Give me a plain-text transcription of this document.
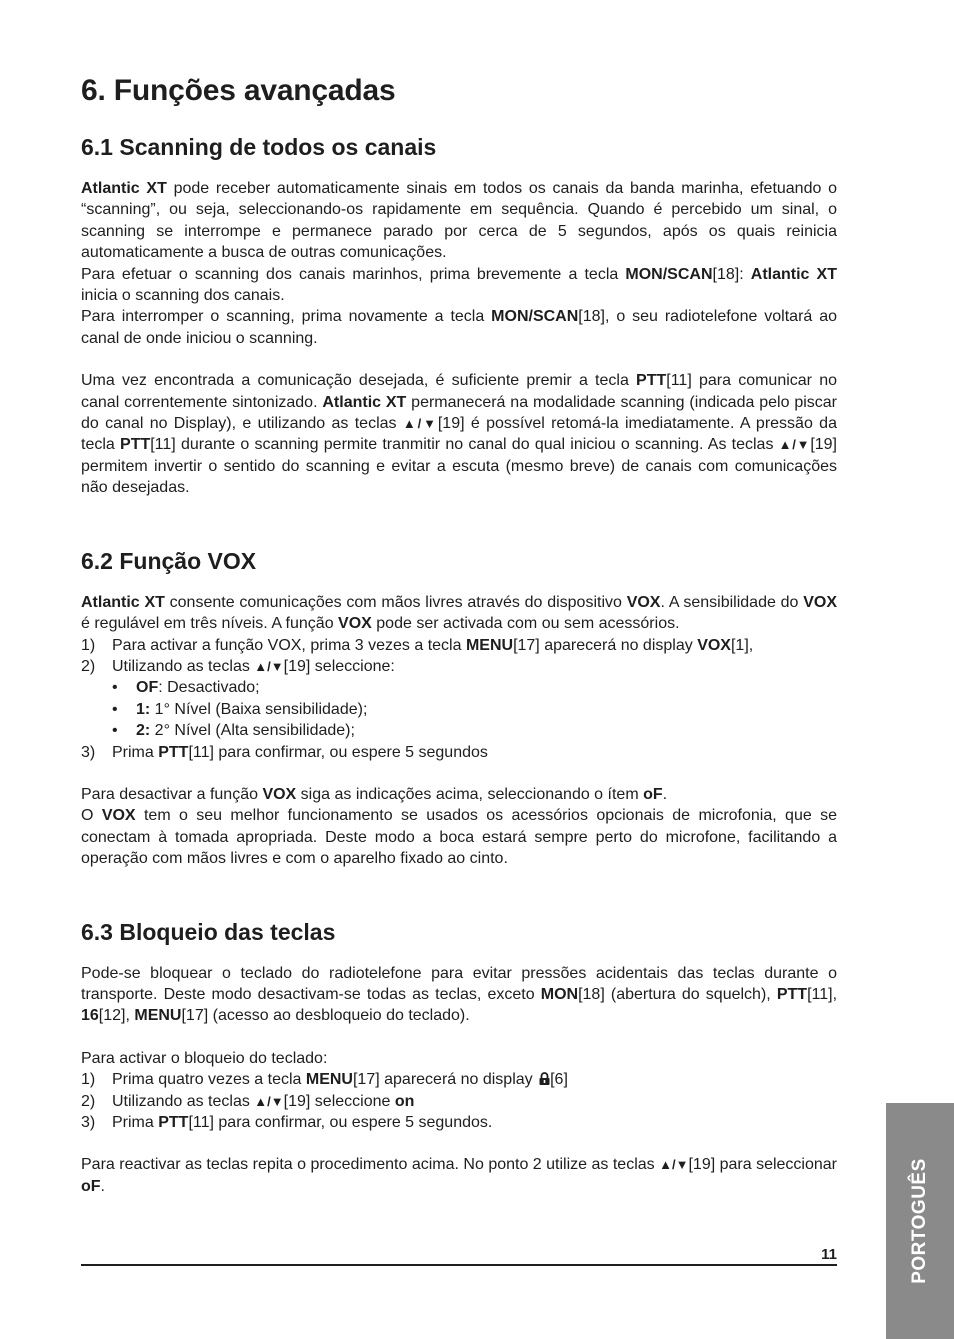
6. Funções avançadas
6.1 Scanning de todos os canais

Atlantic XT pode receber automaticamente sinais em todos os canais da banda marinha, efetuando o “scanning”, ou seja, seleccionando-os rapidamente em sequência. Quando é percebido um sinal, o scanning se interrompe e permanece parado por cerca de 5 segundos, após os quais reinicia automaticamente a busca de outras comunicações.

Para efetuar o scanning dos canais marinhos, prima brevemente a tecla MON/SCAN[18]: Atlantic XT inicia o scanning dos canais.

Para interromper o scanning, prima novamente a tecla MON/SCAN[18], o seu radiotelefone voltará ao canal de onde iniciou o scanning.

Uma vez encontrada a comunicação desejada, é suficiente premir a tecla PTT[11] para comunicar no canal correntemente sintonizado. Atlantic XT permanecerá na modalidade scanning (indicada pelo piscar do canal no Display), e utilizando as teclas ▲/▼[19] é possível retomá-la imediatamente. A pressão da tecla PTT[11] durante o scanning permite tranmitir no canal do qual iniciou o scanning. As teclas ▲/▼[19] permitem invertir o sentido do scanning e evitar a escuta (mesmo breve) de canais com comunicações não desejadas.

6.2 Função VOX

Atlantic XT consente comunicações com mãos livres através do dispositivo VOX. A sensibilidade do VOX é regulável em três níveis. A função VOX pode ser activada com ou sem acessórios.

1) Para activar a função VOX, prima 3 vezes a tecla MENU[17] aparecerá no display VOX[1],
2) Utilizando as teclas ▲/▼[19] seleccione:
• OF: Desactivado;
• 1: 1° Nível (Baixa sensibilidade);
• 2: 2° Nível (Alta sensibilidade);
3) Prima PTT[11] para confirmar, ou espere 5 segundos

Para desactivar a função VOX siga as indicações acima, seleccionando o ítem oF.

O VOX tem o seu melhor funcionamento se usados os acessórios opcionais de microfonia, que se conectam à tomada apropriada. Deste modo a boca estará sempre perto do microfone, facilitando a operação com mãos livres e com o aparelho fixado ao cinto.

6.3 Bloqueio das teclas

Pode-se bloquear o teclado do radiotelefone para evitar pressões acidentais das teclas durante o transporte. Deste modo desactivam-se todas as teclas, exceto MON[18] (abertura do squelch), PTT[11], 16[12], MENU[17] (acesso ao desbloqueio do teclado).

Para activar o bloqueio do teclado:

1) Prima quatro vezes a tecla MENU[17] aparecerá no display [6]
2) Utilizando as teclas ▲/▼[19] seleccione on
3) Prima PTT[11] para confirmar, ou espere 5 segundos.

Para reactivar as teclas repita o procedimento acima. No ponto 2 utilize as teclas ▲/▼[19] para seleccionar oF.

11	PORTOGUÊS
